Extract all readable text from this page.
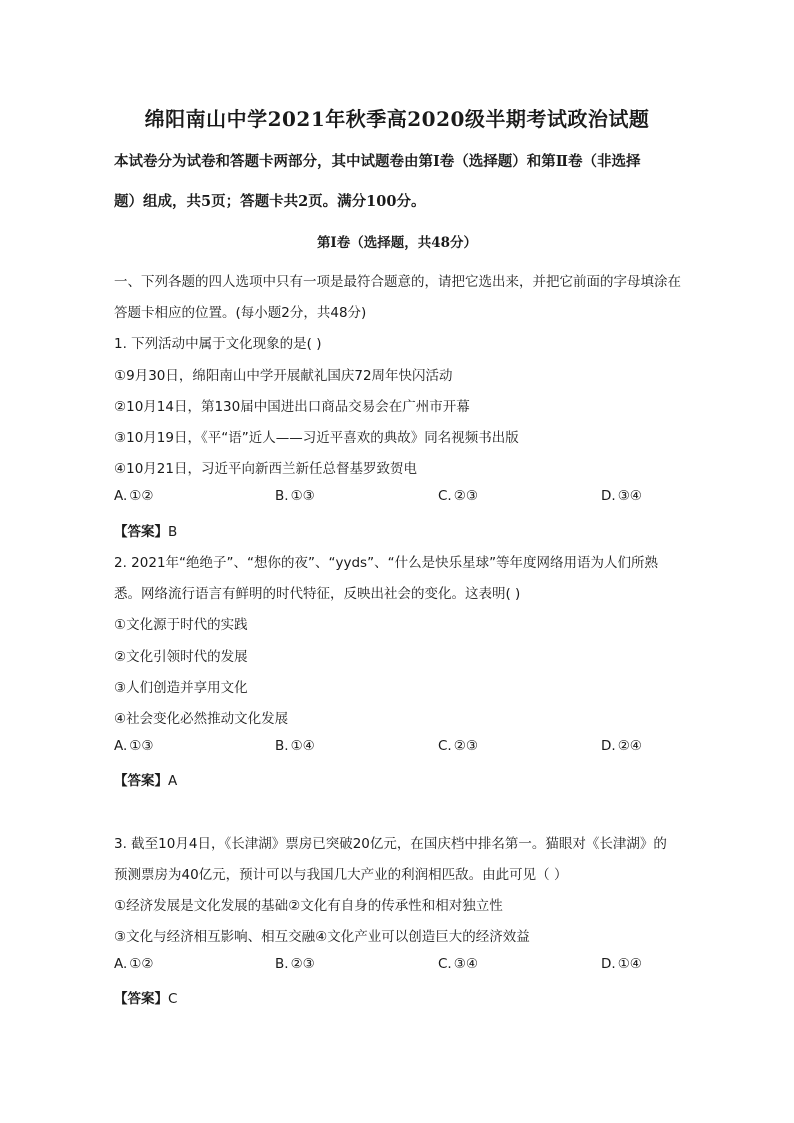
绵阳南山中学2021年秋季高2020级半期考试政治试题
本试卷分为试卷和答题卡两部分，其中试题卷由第Ⅰ卷（选择题）和第Ⅱ卷（非选择
题）组成，共5页；答题卡共2页。满分100分。
第Ⅰ卷（选择题，共48分）
一、下列各题的四人选项中只有一项是最符合题意的，请把它选出来，并把它前面的字母填涂在
答题卡相应的位置。(每小题2分，共48分)
1. 下列活动中属于文化现象的是( )
①9月30日，绵阳南山中学开展献礼国庆72周年快闪活动
②10月14日，第130届中国进出口商品交易会在广州市开幕
③10月19日，《平“语”近人——习近平喜欢的典故》同名视频书出版
④10月21日，习近平向新西兰新任总督基罗致贺电
A. ①②	B. ①③	C. ②③	D. ③④
【答案】B
2. 2021年“绝绝子”、“想你的夜”、“yyds”、“什么是快乐星球”等年度网络用语为人们所熟
悉。网络流行语言有鲜明的时代特征，反映出社会的变化。这表明( )
①文化源于时代的实践
②文化引领时代的发展
③人们创造并享用文化
④社会变化必然推动文化发展
A. ①③	B. ①④	C. ②③	D. ②④
【答案】A
3. 截至10月4日，《长津湖》票房已突破20亿元，在国庆档中排名第一。猫眼对《长津湖》的
预测票房为40亿元，预计可以与我国几大产业的利润相匹敌。由此可见（ ）
①经济发展是文化发展的基础②文化有自身的传承性和相对独立性
③文化与经济相互影响、相互交融④文化产业可以创造巨大的经济效益
A. ①②	B. ②③	C. ③④	D. ①④
【答案】C
